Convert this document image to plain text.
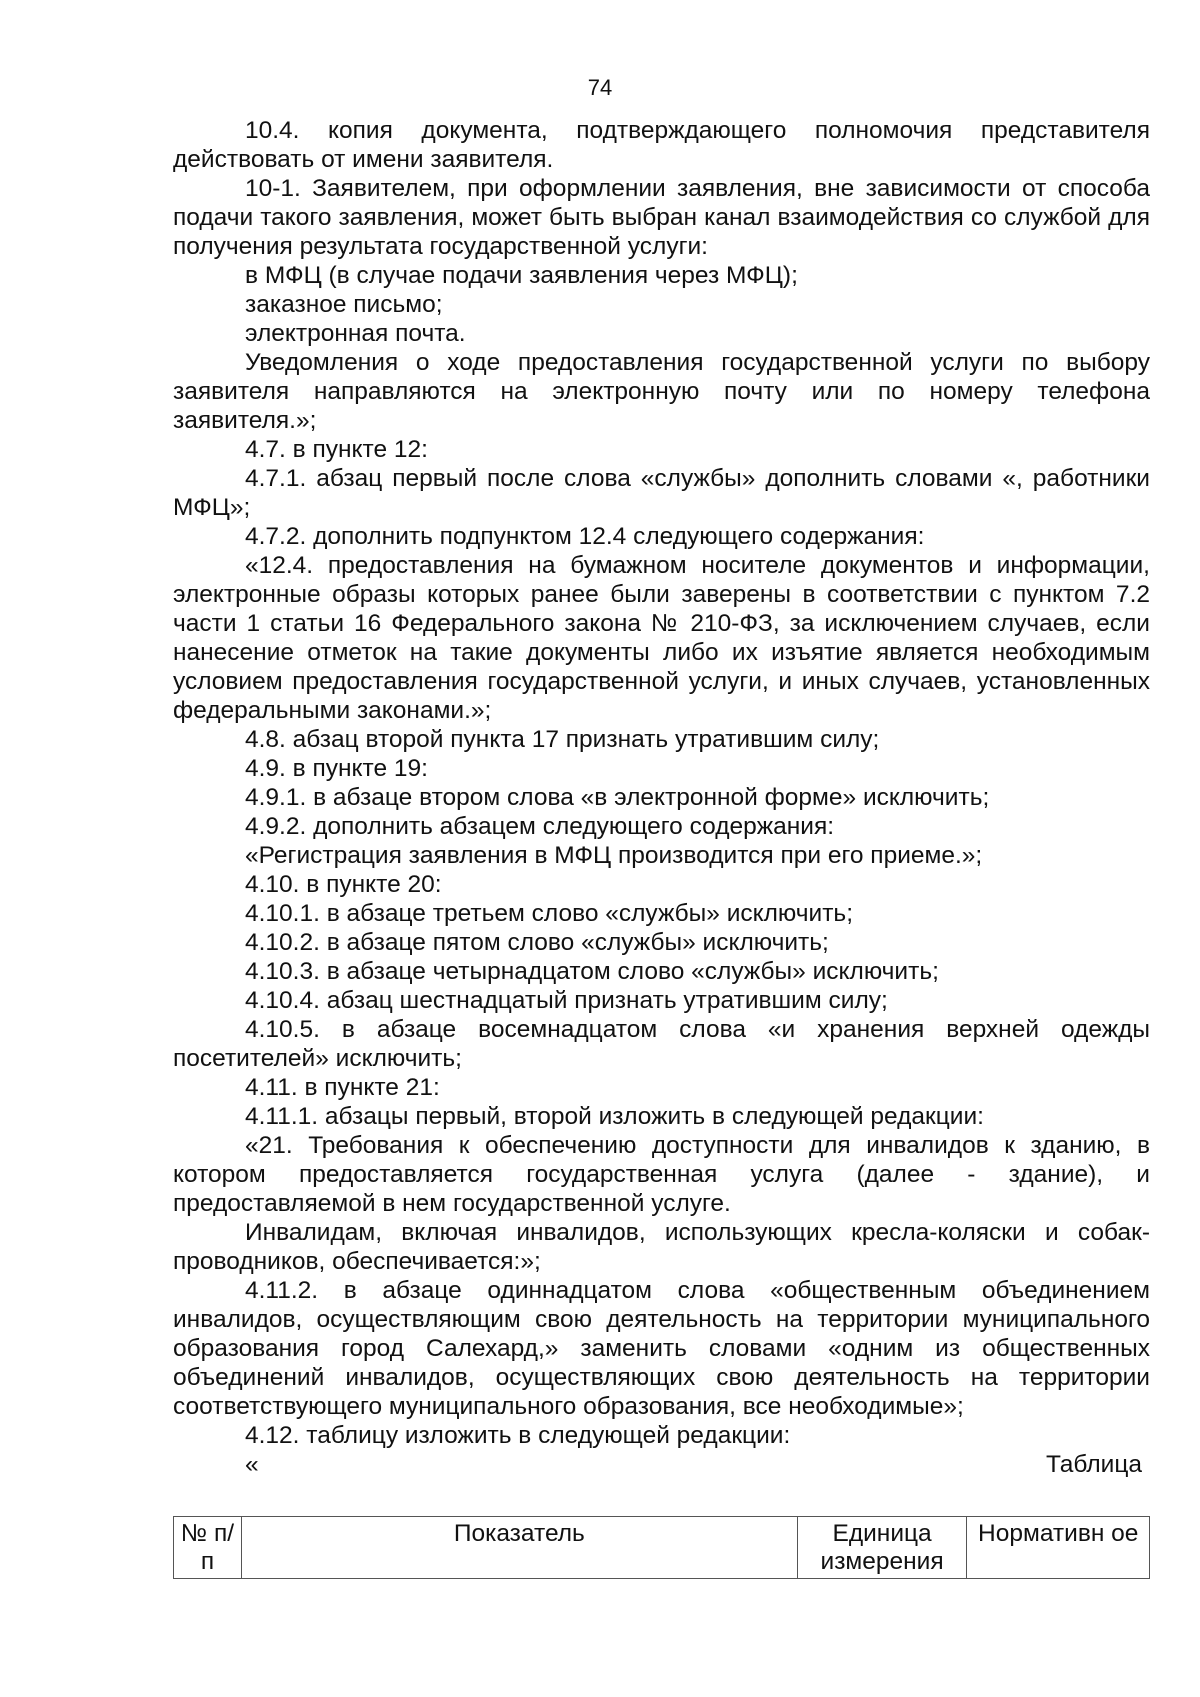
74

10.4. копия документа, подтверждающего полномочия представителя действовать от имени заявителя.

10-1. Заявителем, при оформлении заявления, вне зависимости от способа подачи такого заявления, может быть выбран канал взаимодействия со службой для получения результата государственной услуги:

в МФЦ (в случае подачи заявления через МФЦ);

заказное письмо;

электронная почта.

Уведомления о ходе предоставления государственной услуги по выбору заявителя направляются на электронную почту или по номеру телефона заявителя.»;

4.7. в пункте 12:

4.7.1. абзац первый после слова «службы» дополнить словами «, работники МФЦ»;

4.7.2. дополнить подпунктом 12.4 следующего содержания:

«12.4. предоставления на бумажном носителе документов и информации, электронные образы которых ранее были заверены в соответствии с пунктом 7.2 части 1 статьи 16 Федерального закона № 210-ФЗ, за исключением случаев, если нанесение отметок на такие документы либо их изъятие является необходимым условием предоставления государственной услуги, и иных случаев, установленных федеральными законами.»;

4.8. абзац второй пункта 17 признать утратившим силу;

4.9. в пункте 19:

4.9.1. в абзаце втором слова «в электронной форме» исключить;

4.9.2. дополнить абзацем следующего содержания:

«Регистрация заявления в МФЦ производится при его приеме.»;

4.10. в пункте 20:

4.10.1. в абзаце третьем слово «службы» исключить;

4.10.2. в абзаце пятом слово «службы» исключить;

4.10.3. в абзаце четырнадцатом слово «службы» исключить;

4.10.4. абзац шестнадцатый признать утратившим силу;

4.10.5. в абзаце восемнадцатом слова «и хранения верхней одежды посетителей» исключить;

4.11. в пункте 21:

4.11.1. абзацы первый, второй изложить в следующей редакции:

«21. Требования к обеспечению доступности для инвалидов к зданию, в котором предоставляется государственная услуга (далее - здание), и предоставляемой в нем государственной услуге.

Инвалидам, включая инвалидов, использующих кресла-коляски и собак-проводников, обеспечивается:»;

4.11.2. в абзаце одиннадцатом слова «общественным объединением инвалидов, осуществляющим свою деятельность на территории муниципального образования город Салехард,» заменить словами «одним из общественных объединений инвалидов, осуществляющих свою деятельность на территории соответствующего муниципального образования, все необходимые»;

4.12. таблицу изложить в следующей редакции:

«	Таблица
№ п/п	Показатель	Единица измерения	Нормативн ое
